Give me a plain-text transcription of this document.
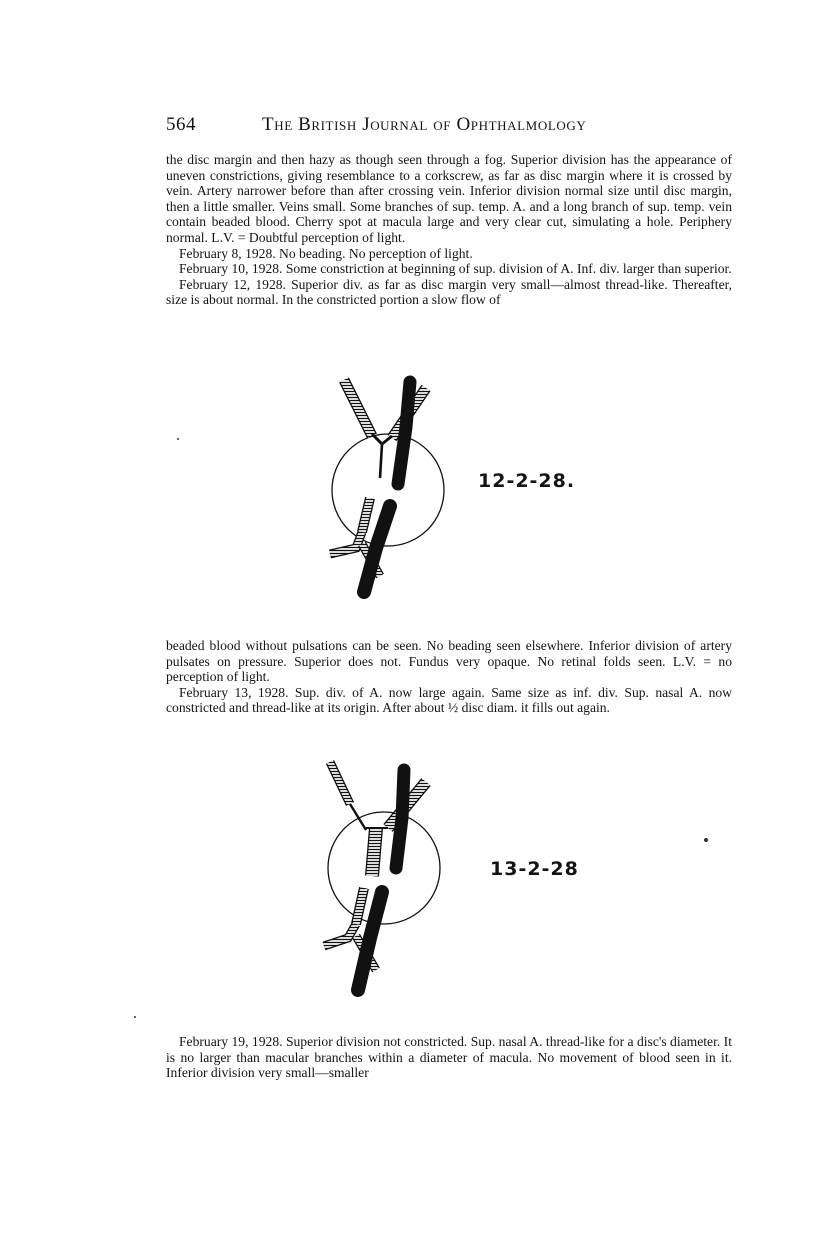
564	The British Journal of Ophthalmology

the disc margin and then hazy as though seen through a fog. Superior division has the appearance of uneven constrictions, giving resemblance to a corkscrew, as far as disc margin where it is crossed by vein. Artery narrower before than after crossing vein. Inferior division normal size until disc margin, then a little smaller. Veins small. Some branches of sup. temp. A. and a long branch of sup. temp. vein contain beaded blood. Cherry spot at macula large and very clear cut, simulating a hole. Periphery normal. L.V. = Doubtful perception of light.

February 8, 1928. No beading. No perception of light.

February 10, 1928. Some constriction at beginning of sup. division of A. Inf. div. larger than superior.

February 12, 1928. Superior div. as far as disc margin very small—almost thread-like. Thereafter, size is about normal. In the constricted portion a slow flow of

12-2-28.

beaded blood without pulsations can be seen. No beading seen elsewhere. Inferior division of artery pulsates on pressure. Superior does not. Fundus very opaque. No retinal folds seen. L.V. = no perception of light.

February 13, 1928. Sup. div. of A. now large again. Same size as inf. div. Sup. nasal A. now constricted and thread-like at its origin. After about ½ disc diam. it fills out again.

13-2-28

February 19, 1928. Superior division not constricted. Sup. nasal A. thread-like for a disc's diameter. It is no larger than macular branches within a diameter of macula. No movement of blood seen in it. Inferior division very small—smaller
